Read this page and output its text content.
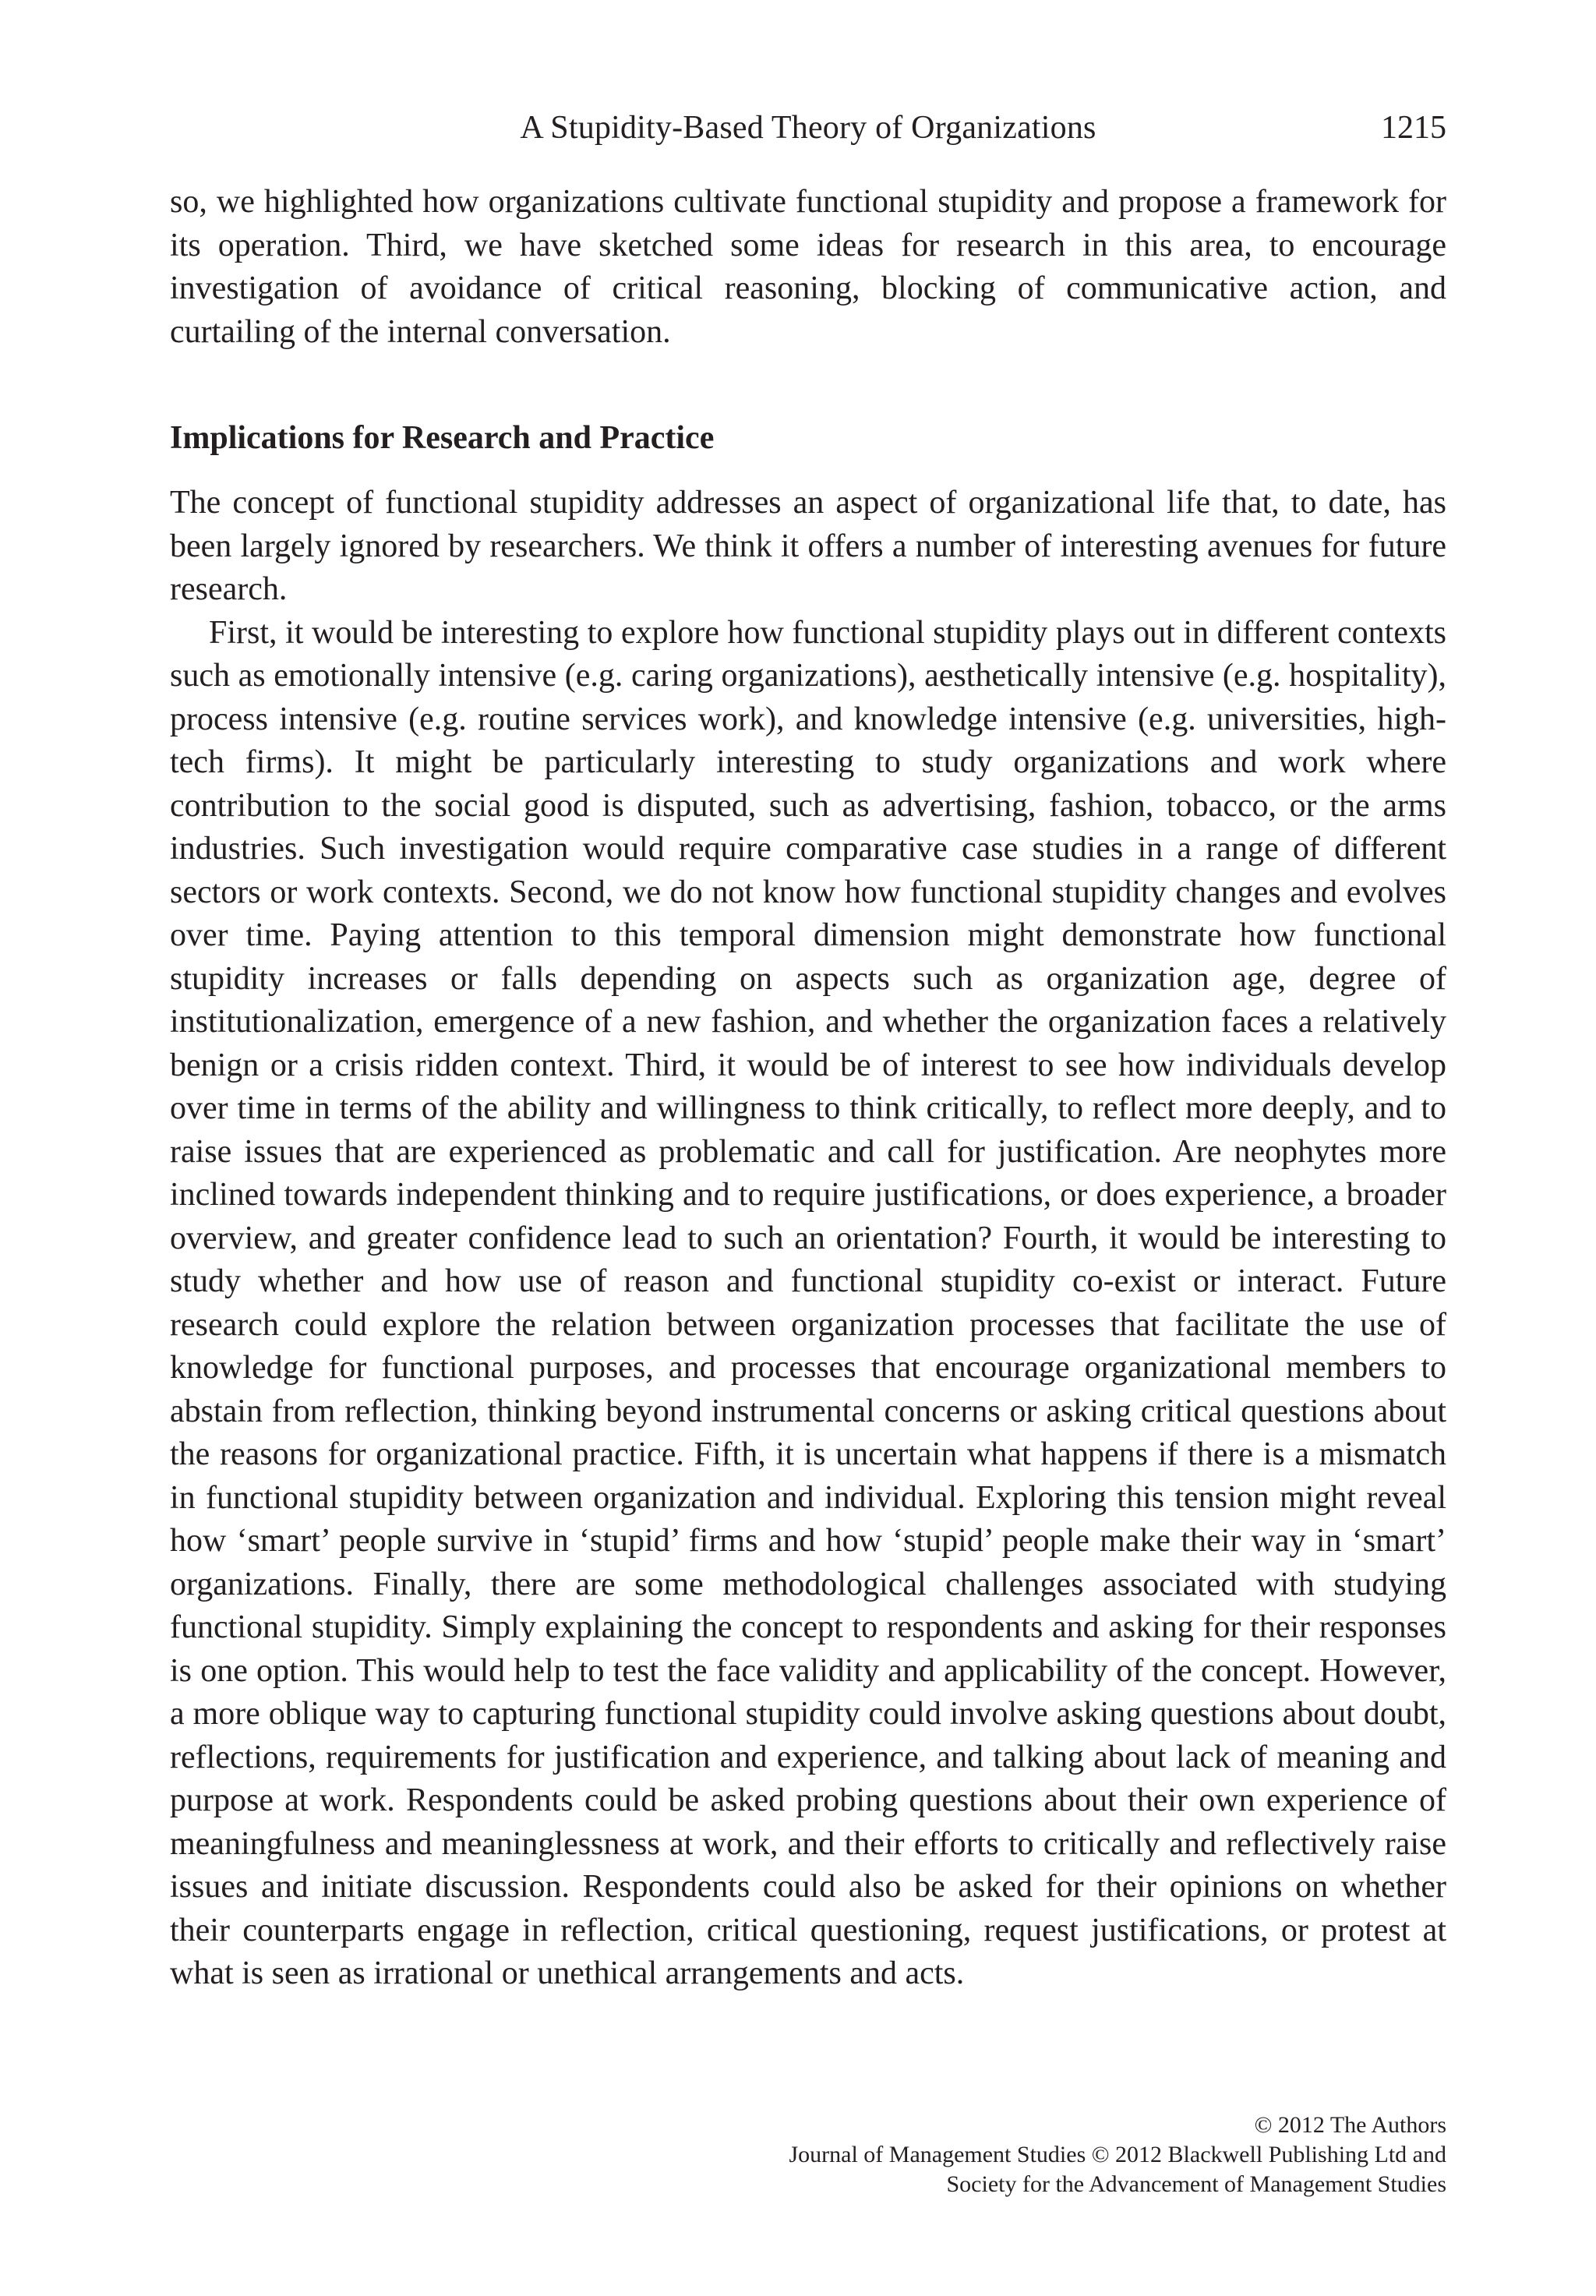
A Stupidity-Based Theory of Organizations	1215

so, we highlighted how organizations cultivate functional stupidity and propose a framework for its operation. Third, we have sketched some ideas for research in this area, to encourage investigation of avoidance of critical reasoning, blocking of communicative action, and curtailing of the internal conversation.

Implications for Research and Practice

The concept of functional stupidity addresses an aspect of organizational life that, to date, has been largely ignored by researchers. We think it offers a number of interesting avenues for future research.

First, it would be interesting to explore how functional stupidity plays out in different contexts such as emotionally intensive (e.g. caring organizations), aesthetically intensive (e.g. hospitality), process intensive (e.g. routine services work), and knowledge intensive (e.g. universities, high-tech firms). It might be particularly interesting to study organizations and work where contribution to the social good is disputed, such as advertising, fashion, tobacco, or the arms industries. Such investigation would require comparative case studies in a range of different sectors or work contexts. Second, we do not know how functional stupidity changes and evolves over time. Paying attention to this temporal dimension might demonstrate how functional stupidity increases or falls depending on aspects such as organization age, degree of institutionalization, emergence of a new fashion, and whether the organization faces a relatively benign or a crisis ridden context. Third, it would be of interest to see how individuals develop over time in terms of the ability and willingness to think critically, to reflect more deeply, and to raise issues that are experienced as problematic and call for justification. Are neophytes more inclined towards independent thinking and to require justifications, or does experience, a broader overview, and greater confidence lead to such an orientation? Fourth, it would be interesting to study whether and how use of reason and functional stupidity co-exist or interact. Future research could explore the relation between organization processes that facilitate the use of knowledge for functional purposes, and processes that encourage organizational members to abstain from reflection, thinking beyond instrumental concerns or asking critical questions about the reasons for organizational practice. Fifth, it is uncertain what happens if there is a mismatch in functional stupidity between organization and individual. Exploring this tension might reveal how ‘smart’ people survive in ‘stupid’ firms and how ‘stupid’ people make their way in ‘smart’ organizations. Finally, there are some methodological challenges associated with studying functional stupidity. Simply explaining the concept to respondents and asking for their responses is one option. This would help to test the face validity and applicability of the concept. However, a more oblique way to capturing functional stupidity could involve asking questions about doubt, reflections, requirements for justification and experience, and talking about lack of meaning and purpose at work. Respondents could be asked probing questions about their own experience of meaningfulness and meaninglessness at work, and their efforts to critically and reflectively raise issues and initiate discussion. Respondents could also be asked for their opinions on whether their counterparts engage in reflection, critical questioning, request justifications, or protest at what is seen as irrational or unethical arrangements and acts.

© 2012 The Authors
Journal of Management Studies © 2012 Blackwell Publishing Ltd and
Society for the Advancement of Management Studies
